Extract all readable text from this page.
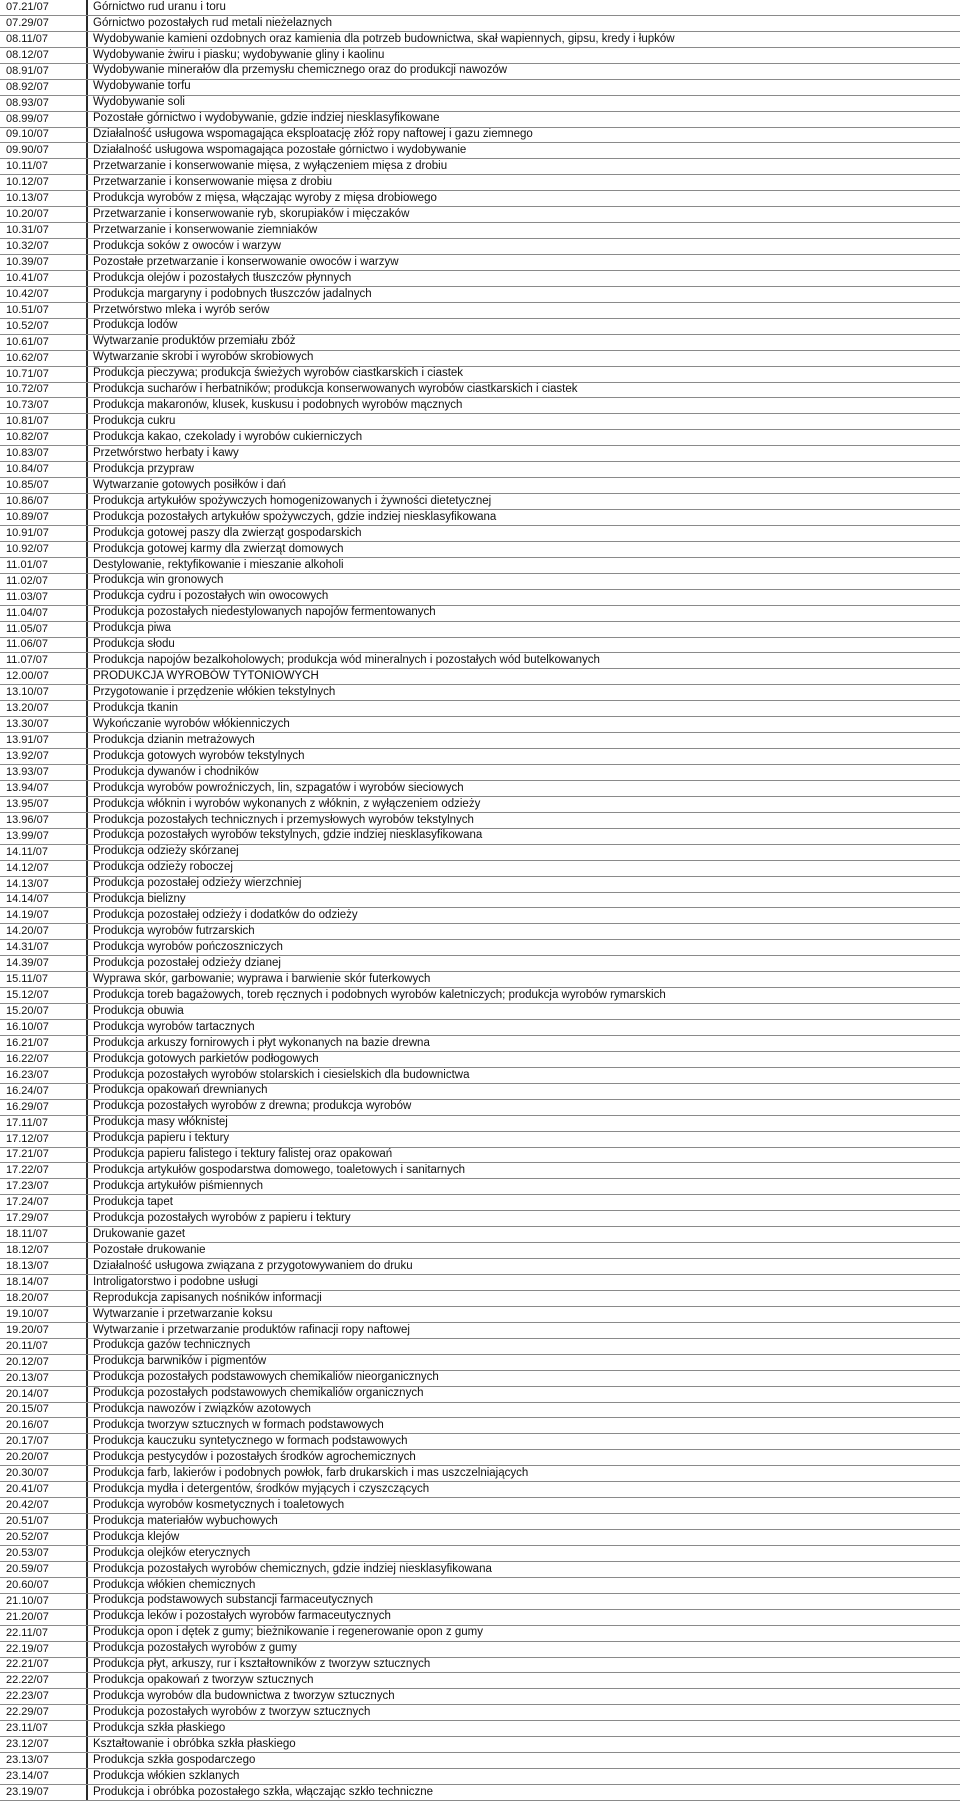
07.21/07	Górnictwo rud uranu i toru
07.29/07	Górnictwo pozostałych rud metali nieżelaznych
08.11/07	Wydobywanie kamieni ozdobnych oraz kamienia dla potrzeb budownictwa, skał wapiennych, gipsu, kredy i łupków
08.12/07	Wydobywanie żwiru i piasku; wydobywanie gliny i kaolinu
08.91/07	Wydobywanie minerałów dla przemysłu chemicznego oraz do produkcji nawozów
08.92/07	Wydobywanie torfu
08.93/07	Wydobywanie soli
08.99/07	Pozostałe górnictwo i wydobywanie, gdzie indziej niesklasyfikowane
09.10/07	Działalność usługowa wspomagająca eksploatację złóż ropy naftowej i gazu ziemnego
09.90/07	Działalność usługowa wspomagająca pozostałe górnictwo i wydobywanie
10.11/07	Przetwarzanie i konserwowanie mięsa, z wyłączeniem mięsa z drobiu
10.12/07	Przetwarzanie i konserwowanie mięsa z drobiu
10.13/07	Produkcja wyrobów z mięsa, włączając wyroby z mięsa drobiowego
10.20/07	Przetwarzanie i konserwowanie ryb, skorupiaków i mięczaków
10.31/07	Przetwarzanie i konserwowanie ziemniaków
10.32/07	Produkcja soków z owoców i warzyw
10.39/07	Pozostałe przetwarzanie i konserwowanie owoców i warzyw
10.41/07	Produkcja olejów i pozostałych tłuszczów płynnych
10.42/07	Produkcja margaryny i podobnych tłuszczów jadalnych
10.51/07	Przetwórstwo mleka i wyrób serów
10.52/07	Produkcja lodów
10.61/07	Wytwarzanie produktów przemiału zbóż
10.62/07	Wytwarzanie skrobi i wyrobów skrobiowych
10.71/07	Produkcja pieczywa; produkcja świeżych wyrobów ciastkarskich i ciastek
10.72/07	Produkcja sucharów i herbatników; produkcja konserwowanych wyrobów ciastkarskich i ciastek
10.73/07	Produkcja makaronów, klusek, kuskusu i podobnych wyrobów mącznych
10.81/07	Produkcja cukru
10.82/07	Produkcja kakao, czekolady i wyrobów cukierniczych
10.83/07	Przetwórstwo herbaty i kawy
10.84/07	Produkcja przypraw
10.85/07	Wytwarzanie gotowych posiłków i dań
10.86/07	Produkcja artykułów spożywczych homogenizowanych i żywności dietetycznej
10.89/07	Produkcja pozostałych artykułów spożywczych, gdzie indziej niesklasyfikowana
10.91/07	Produkcja gotowej paszy dla zwierząt gospodarskich
10.92/07	Produkcja gotowej karmy dla zwierząt domowych
11.01/07	Destylowanie, rektyfikowanie i mieszanie alkoholi
11.02/07	Produkcja win gronowych
11.03/07	Produkcja cydru i pozostałych win owocowych
11.04/07	Produkcja pozostałych niedestylowanych napojów fermentowanych
11.05/07	Produkcja piwa
11.06/07	Produkcja słodu
11.07/07	Produkcja napojów bezalkoholowych; produkcja wód mineralnych i pozostałych wód butelkowanych
12.00/07	PRODUKCJA WYROBÓW TYTONIOWYCH
13.10/07	Przygotowanie i przędzenie włókien tekstylnych
13.20/07	Produkcja tkanin
13.30/07	Wykończanie wyrobów włókienniczych
13.91/07	Produkcja dzianin metrażowych
13.92/07	Produkcja gotowych wyrobów tekstylnych
13.93/07	Produkcja dywanów i chodników
13.94/07	Produkcja wyrobów powroźniczych, lin, szpagatów i wyrobów sieciowych
13.95/07	Produkcja włóknin i wyrobów wykonanych z włóknin, z wyłączeniem odzieży
13.96/07	Produkcja pozostałych technicznych i przemysłowych wyrobów tekstylnych
13.99/07	Produkcja pozostałych wyrobów tekstylnych, gdzie indziej niesklasyfikowana
14.11/07	Produkcja odzieży skórzanej
14.12/07	Produkcja odzieży roboczej
14.13/07	Produkcja pozostałej odzieży wierzchniej
14.14/07	Produkcja bielizny
14.19/07	Produkcja pozostałej odzieży i dodatków do odzieży
14.20/07	Produkcja wyrobów futrzarskich
14.31/07	Produkcja wyrobów pończoszniczych
14.39/07	Produkcja pozostałej odzieży dzianej
15.11/07	Wyprawa skór, garbowanie; wyprawa i barwienie skór futerkowych
15.12/07	Produkcja toreb bagażowych, toreb ręcznych i podobnych wyrobów kaletniczych; produkcja wyrobów rymarskich
15.20/07	Produkcja obuwia
16.10/07	Produkcja wyrobów tartacznych
16.21/07	Produkcja arkuszy fornirowych i płyt wykonanych na bazie drewna
16.22/07	Produkcja gotowych parkietów podłogowych
16.23/07	Produkcja pozostałych wyrobów stolarskich i ciesielskich dla budownictwa
16.24/07	Produkcja opakowań drewnianych
16.29/07	Produkcja pozostałych wyrobów z drewna; produkcja wyrobów
17.11/07	Produkcja masy włóknistej
17.12/07	Produkcja papieru i tektury
17.21/07	Produkcja papieru falistego i tektury falistej oraz opakowań
17.22/07	Produkcja artykułów gospodarstwa domowego, toaletowych i sanitarnych
17.23/07	Produkcja artykułów piśmiennych
17.24/07	Produkcja tapet
17.29/07	Produkcja pozostałych wyrobów z papieru i tektury
18.11/07	Drukowanie gazet
18.12/07	Pozostałe drukowanie
18.13/07	Działalność usługowa związana z przygotowywaniem do druku
18.14/07	Introligatorstwo i podobne usługi
18.20/07	Reprodukcja zapisanych nośników informacji
19.10/07	Wytwarzanie i przetwarzanie koksu
19.20/07	Wytwarzanie i przetwarzanie produktów rafinacji ropy naftowej
20.11/07	Produkcja gazów technicznych
20.12/07	Produkcja barwników i pigmentów
20.13/07	Produkcja pozostałych podstawowych chemikaliów nieorganicznych
20.14/07	Produkcja pozostałych podstawowych chemikaliów organicznych
20.15/07	Produkcja nawozów i związków azotowych
20.16/07	Produkcja tworzyw sztucznych w formach podstawowych
20.17/07	Produkcja kauczuku syntetycznego w formach podstawowych
20.20/07	Produkcja pestycydów i pozostałych środków agrochemicznych
20.30/07	Produkcja farb, lakierów i podobnych powłok, farb drukarskich i mas uszczelniających
20.41/07	Produkcja mydła i detergentów, środków myjących i czyszczących
20.42/07	Produkcja wyrobów kosmetycznych i toaletowych
20.51/07	Produkcja materiałów wybuchowych
20.52/07	Produkcja klejów
20.53/07	Produkcja olejków eterycznych
20.59/07	Produkcja pozostałych wyrobów chemicznych, gdzie indziej niesklasyfikowana
20.60/07	Produkcja włókien chemicznych
21.10/07	Produkcja podstawowych substancji farmaceutycznych
21.20/07	Produkcja leków i pozostałych wyrobów farmaceutycznych
22.11/07	Produkcja opon i dętek z gumy; bieżnikowanie i regenerowanie opon z gumy
22.19/07	Produkcja pozostałych wyrobów z gumy
22.21/07	Produkcja płyt, arkuszy, rur i kształtowników z tworzyw sztucznych
22.22/07	Produkcja opakowań z tworzyw sztucznych
22.23/07	Produkcja wyrobów dla budownictwa z tworzyw sztucznych
22.29/07	Produkcja pozostałych wyrobów z tworzyw sztucznych
23.11/07	Produkcja szkła płaskiego
23.12/07	Kształtowanie i obróbka szkła płaskiego
23.13/07	Produkcja szkła gospodarczego
23.14/07	Produkcja włókien szklanych
23.19/07	Produkcja i obróbka pozostałego szkła, włączając szkło techniczne
